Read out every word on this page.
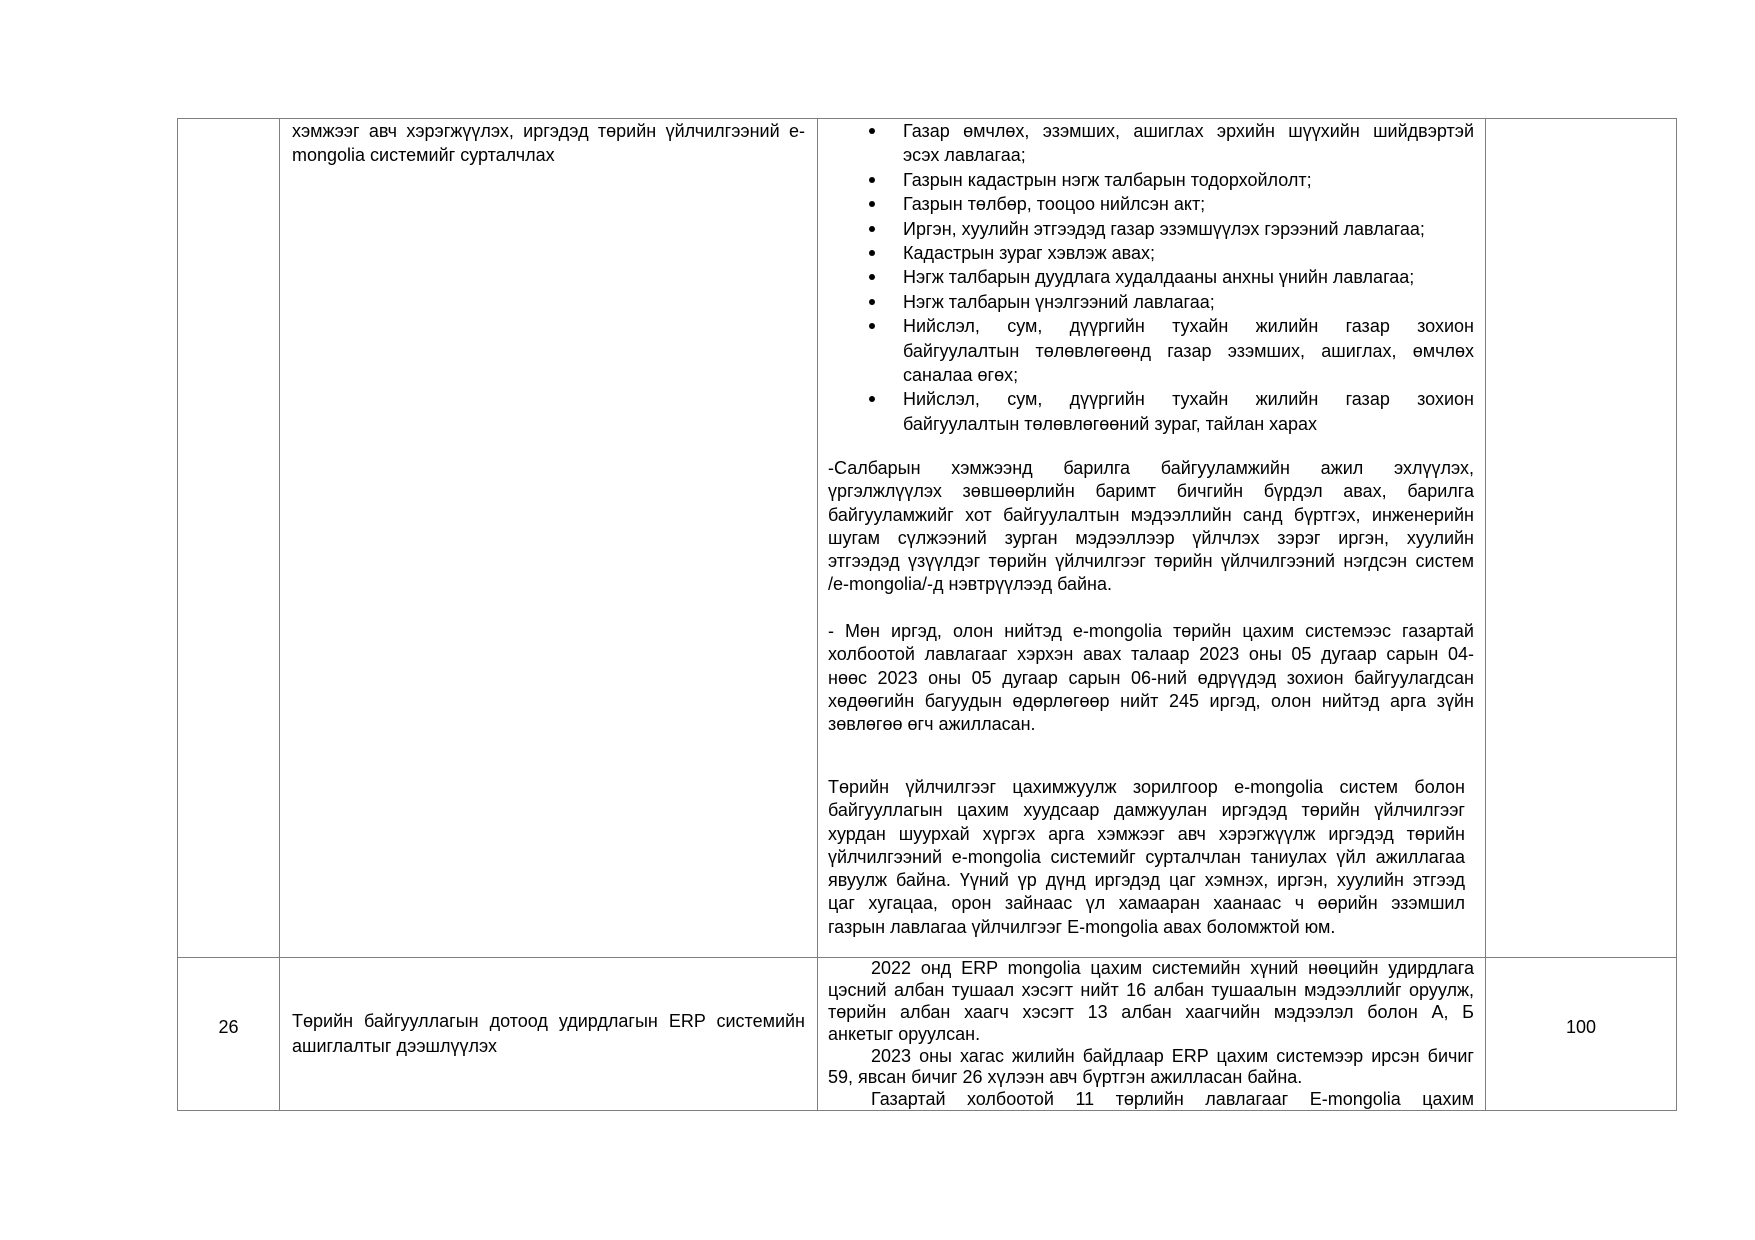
хэмжээг авч хэрэгжүүлэх, иргэдэд төрийн үйлчилгээний e-
mongolia системийг сурталчлах
Газар өмчлөх, эзэмших, ашиглах эрхийн шүүхийн шийдвэртэй
эсэх лавлагаа;
Газрын кадастрын нэгж талбарын тодорхойлолт;
Газрын төлбөр, тооцоо нийлсэн акт;
Иргэн, хуулийн этгээдэд газар эзэмшүүлэх гэрээний лавлагаа;
Кадастрын зураг хэвлэж авах;
Нэгж талбарын дуудлага худалдааны анхны үнийн лавлагаа;
Нэгж талбарын үнэлгээний лавлагаа;
Нийслэл, сум, дүүргийн тухайн жилийн газар зохион
байгуулалтын төлөвлөгөөнд газар эзэмших, ашиглах, өмчлөх
саналаа өгөх;
Нийслэл, сум, дүүргийн тухайн жилийн газар зохион
байгуулалтын төлөвлөгөөний зураг, тайлан харах
-Салбарын хэмжээнд барилга байгууламжийн ажил эхлүүлэх,
үргэлжлүүлэх зөвшөөрлийн баримт бичгийн бүрдэл авах, барилга
байгууламжийг хот байгуулалтын мэдээллийн санд бүртгэх, инженерийн
шугам сүлжээний зурган мэдээллээр үйлчлэх зэрэг иргэн, хуулийн
этгээдэд үзүүлдэг төрийн үйлчилгээг төрийн үйлчилгээний нэгдсэн систем
/e-mongolia/-д нэвтрүүлээд байна.
- Мөн иргэд, олон нийтэд e-mongolia төрийн цахим системээс газартай
холбоотой лавлагааг хэрхэн авах талаар 2023 оны 05 дугаар сарын 04-
нөөс 2023 оны 05 дугаар сарын 06-ний өдрүүдэд зохион байгуулагдсан
хөдөөгийн багуудын өдөрлөгөөр нийт 245 иргэд, олон нийтэд арга зүйн
зөвлөгөө өгч ажилласан.
Төрийн үйлчилгээг цахимжуулж зорилгоор e-mongolia систем болон
байгууллагын цахим хуудсаар дамжуулан иргэдэд төрийн үйлчилгээг
хурдан шуурхай хүргэх арга хэмжээг авч хэрэгжүүлж иргэдэд төрийн
үйлчилгээний e-mongolia системийг сурталчлан таниулах үйл ажиллагаа
явуулж байна. Үүний үр дүнд иргэдэд цаг хэмнэх, иргэн, хуулийн этгээд
цаг хугацаа, орон зайнаас үл хамааран хаанаас ч өөрийн эзэмшил
газрын лавлагаа үйлчилгээг E-mongolia авах боломжтой юм.
26	Төрийн байгууллагын дотоод удирдлагын ERP системийн
ашиглалтыг дээшлүүлэх
2022 онд ERP mongolia цахим системийн хүний нөөцийн удирдлага
цэсний албан тушаал хэсэгт нийт 16 албан тушаалын мэдээллийг оруулж,
төрийн албан хаагч хэсэгт 13 албан хаагчийн мэдээлэл болон А, Б
анкетыг оруулсан.
2023 оны хагас жилийн байдлаар ERP цахим системээр ирсэн бичиг
59, явсан бичиг 26 хүлээн авч бүртгэн ажилласан байна.
Газартай холбоотой 11 төрлийн лавлагааг E-mongolia цахим
100
